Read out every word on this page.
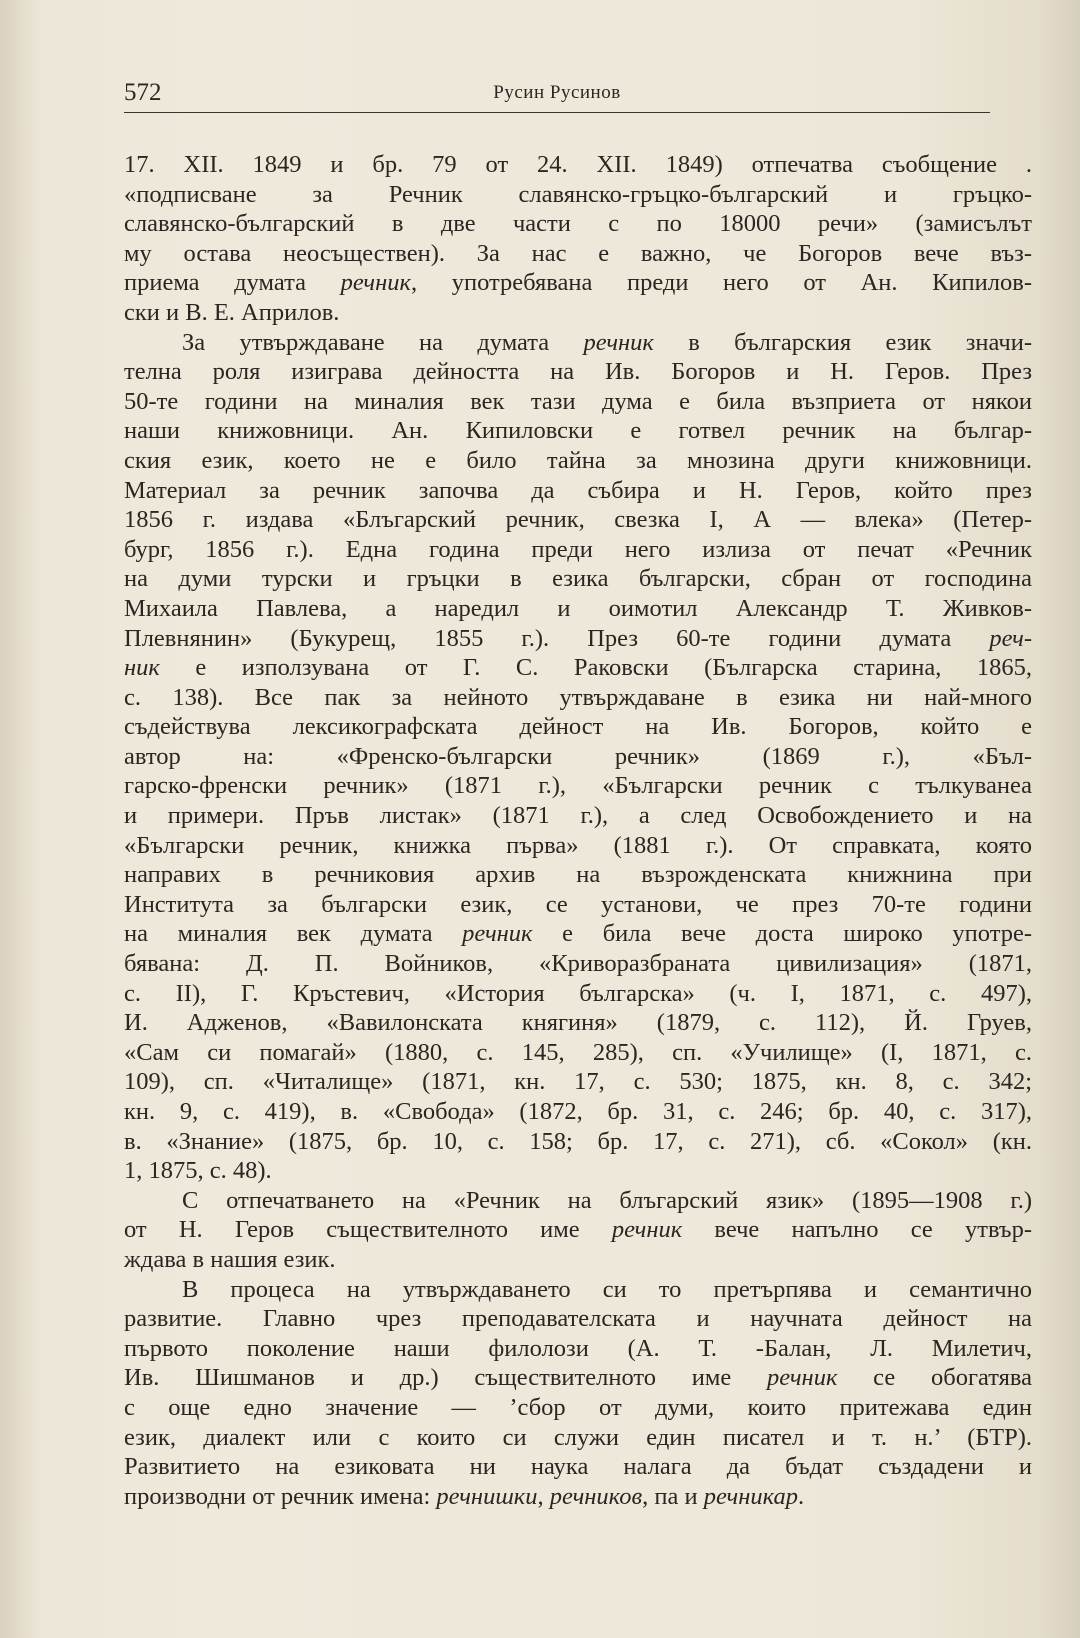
572	Русин Русинов
17. XII. 1849 и бр. 79 от 24. XII. 1849) отпечатва съобщение .
«подписване за Речник славянско-гръцко-българский и гръцко-
славянско-българский в две части с по 18000 речи» (замисълът
му остава неосъществен). За нас е важно, че Богоров вече въз-
приема думата речник, употребявана преди него от Ан. Кипилов-
ски и В. Е. Априлов.
За утвърждаване на думата речник в българския език значи-
телна роля изиграва дейността на Ив. Богоров и Н. Геров. През
50-те години на миналия век тази дума е била възприета от някои
наши книжовници. Ан. Кипиловски е готвел речник на българ-
ския език, което не е било тайна за мнозина други книжовници.
Материал за речник започва да събира и Н. Геров, който през
1856 г. издава «Блъгарский речник, свезка I, А — влека» (Петер-
бург, 1856 г.). Една година преди него излиза от печат «Речник
на думи турски и гръцки в езика български, сбран от господина
Михаила Павлева, а наредил и оимотил Александр Т. Живков-
Плевнянин» (Букурещ, 1855 г.). През 60-те години думата реч-
ник е използувана от Г. С. Раковски (Българска старина, 1865,
с. 138). Все пак за нейното утвърждаване в езика ни най-много
съдействува лексикографската дейност на Ив. Богоров, който е
автор на: «Френско-български речник» (1869 г.), «Бъл-
гарско-френски речник» (1871 г.), «Български речник с тълкуванеа
и примери. Пръв листак» (1871 г.), а след Освобождението и на
«Български речник, книжка първа» (1881 г.). От справката, която
направих в речниковия архив на възрожденската книжнина при
Института за български език, се установи, че през 70-те години
на миналия век думата речник е била вече доста широко употре-
бявана: Д. П. Войников, «Криворазбраната цивилизация» (1871,
с. II), Г. Кръстевич, «История българска» (ч. I, 1871, с. 497),
И. Адженов, «Вавилонската княгиня» (1879, с. 112), Й. Груев,
«Сам си помагай» (1880, с. 145, 285), сп. «Училище» (I, 1871, с.
109), сп. «Читалище» (1871, кн. 17, с. 530; 1875, кн. 8, с. 342;
кн. 9, с. 419), в. «Свобода» (1872, бр. 31, с. 246; бр. 40, с. 317),
в. «Знание» (1875, бр. 10, с. 158; бр. 17, с. 271), сб. «Сокол» (кн.
1, 1875, с. 48).
С отпечатването на «Речник на блъгарский язик» (1895—1908 г.)
от Н. Геров съществителното име речник вече напълно се утвър-
ждава в нашия език.
В процеса на утвърждаването си то претърпява и семантично
развитие. Главно чрез преподавателската и научната дейност на
първото поколение наши филолози (А. Т. -Балан, Л. Милетич,
Ив. Шишманов и др.) съществителното име речник се обогатява
с още едно значение — ’сбор от думи, които притежава един
език, диалект или с които си служи един писател и т. н.’ (БТР).
Развитието на езиковата ни наука налага да бъдат създадени и
производни от речник имена: речнишки, речников, па и речникар.
